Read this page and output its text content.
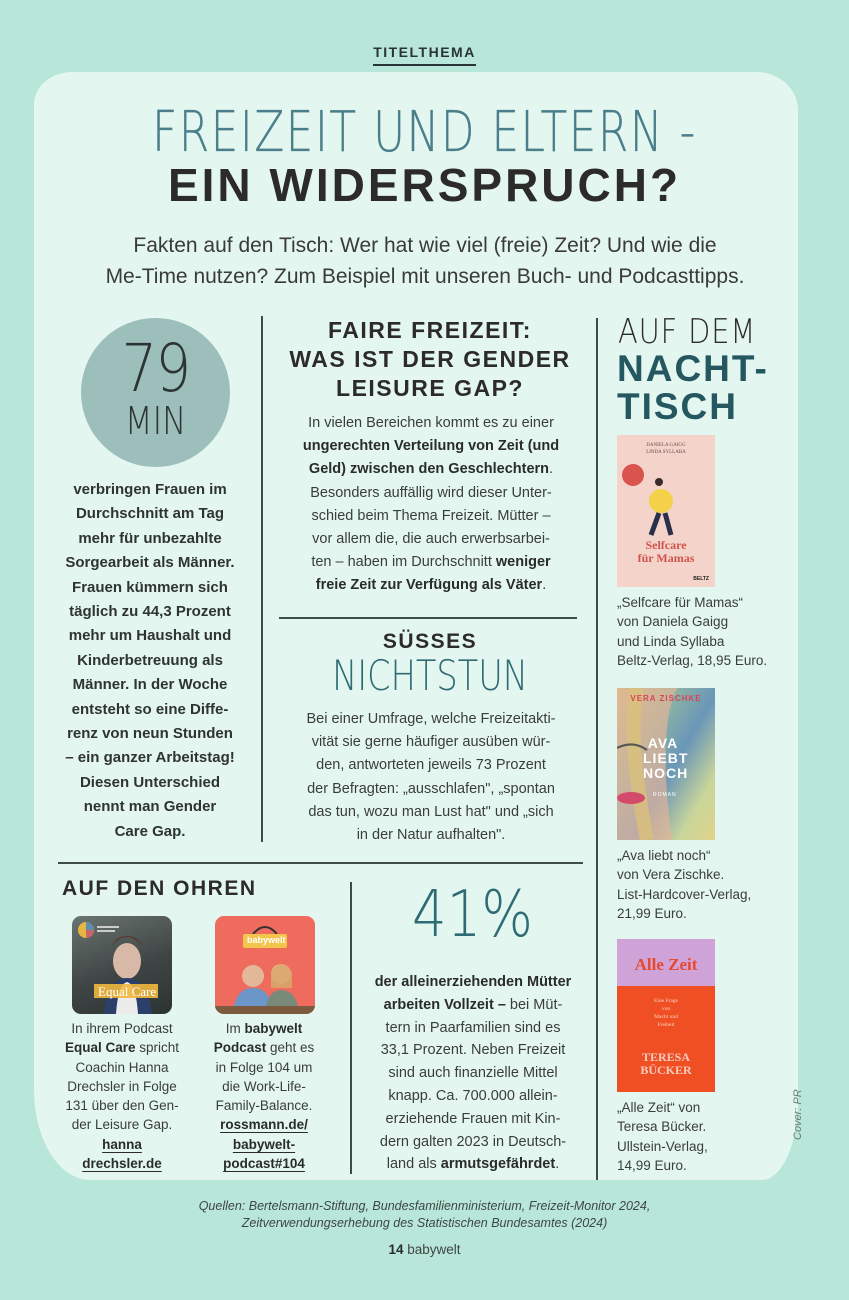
TITELTHEMA
FREIZEIT UND ELTERN -
EIN WIDERSPRUCH?
Fakten auf den Tisch: Wer hat wie viel (freie) Zeit? Und wie die
Me-Time nutzen? Zum Beispiel mit unseren Buch- und Podcasttipps.
79
MIN
verbringen Frauen im
Durchschnitt am Tag
mehr für unbezahlte
Sorgearbeit als Männer.
Frauen kümmern sich
täglich zu 44,3 Prozent
mehr um Haushalt und
Kinderbetreuung als
Männer. In der Woche
entsteht so eine Diffe-
renz von neun Stunden
– ein ganzer Arbeitstag!
Diesen Unterschied
nennt man Gender
Care Gap.
FAIRE FREIZEIT:
WAS IST DER GENDER
LEISURE GAP?
In vielen Bereichen kommt es zu einer
ungerechten Verteilung von Zeit (und
Geld) zwischen den Geschlechtern.
Besonders auffällig wird dieser Unter-
schied beim Thema Freizeit. Mütter –
vor allem die, die auch erwerbsarbei-
ten – haben im Durchschnitt weniger
freie Zeit zur Verfügung als Väter.
SÜSSES
NICHTSTUN
Bei einer Umfrage, welche Freizeitakti-
vität sie gerne häufiger ausüben wür-
den, antworteten jeweils 73 Prozent
der Befragten: „ausschlafen", „spontan
das tun, wozu man Lust hat" und „sich
in der Natur aufhalten".
AUF DEN OHREN
Equal Care
babywelt
In ihrem Podcast
Equal Care spricht
Coachin Hanna
Drechsler in Folge
131 über den Gen-
der Leisure Gap.
hanna
drechsler.de
Im babywelt
Podcast geht es
in Folge 104 um
die Work-Life-
Family-Balance.
rossmann.de/
babywelt-
podcast#104
41%
der alleinerziehenden Mütter
arbeiten Vollzeit – bei Müt-
tern in Paarfamilien sind es
33,1 Prozent. Neben Freizeit
sind auch finanzielle Mittel
knapp. Ca. 700.000 allein-
erziehende Frauen mit Kin-
dern galten 2023 in Deutsch-
land als armutsgefährdet.
AUF DEM
NACHT-
TISCH
DANIELA GAIGG
LINDA SYLLABA
Selfcare
für Mamas
BELTZ
„Selfcare für Mamas“
von Daniela Gaigg
und Linda Syllaba
Beltz-Verlag, 18,95 Euro.
VERA ZISCHKE
AVA
LIEBT
NOCH
ROMAN
„Ava liebt noch“
von Vera Zischke.
List-Hardcover-Verlag,
21,99 Euro.
Alle Zeit
Eine Frage
von
Macht und
Freiheit
TERESA
BÜCKER
„Alle Zeit“ von
Teresa Bücker.
Ullstein-Verlag,
14,99 Euro.
Cover: PR
Quellen: Bertelsmann-Stiftung, Bundesfamilienministerium, Freizeit-Monitor 2024,
Zeitverwendungserhebung des Statistischen Bundesamtes (2024)
14 babywelt
